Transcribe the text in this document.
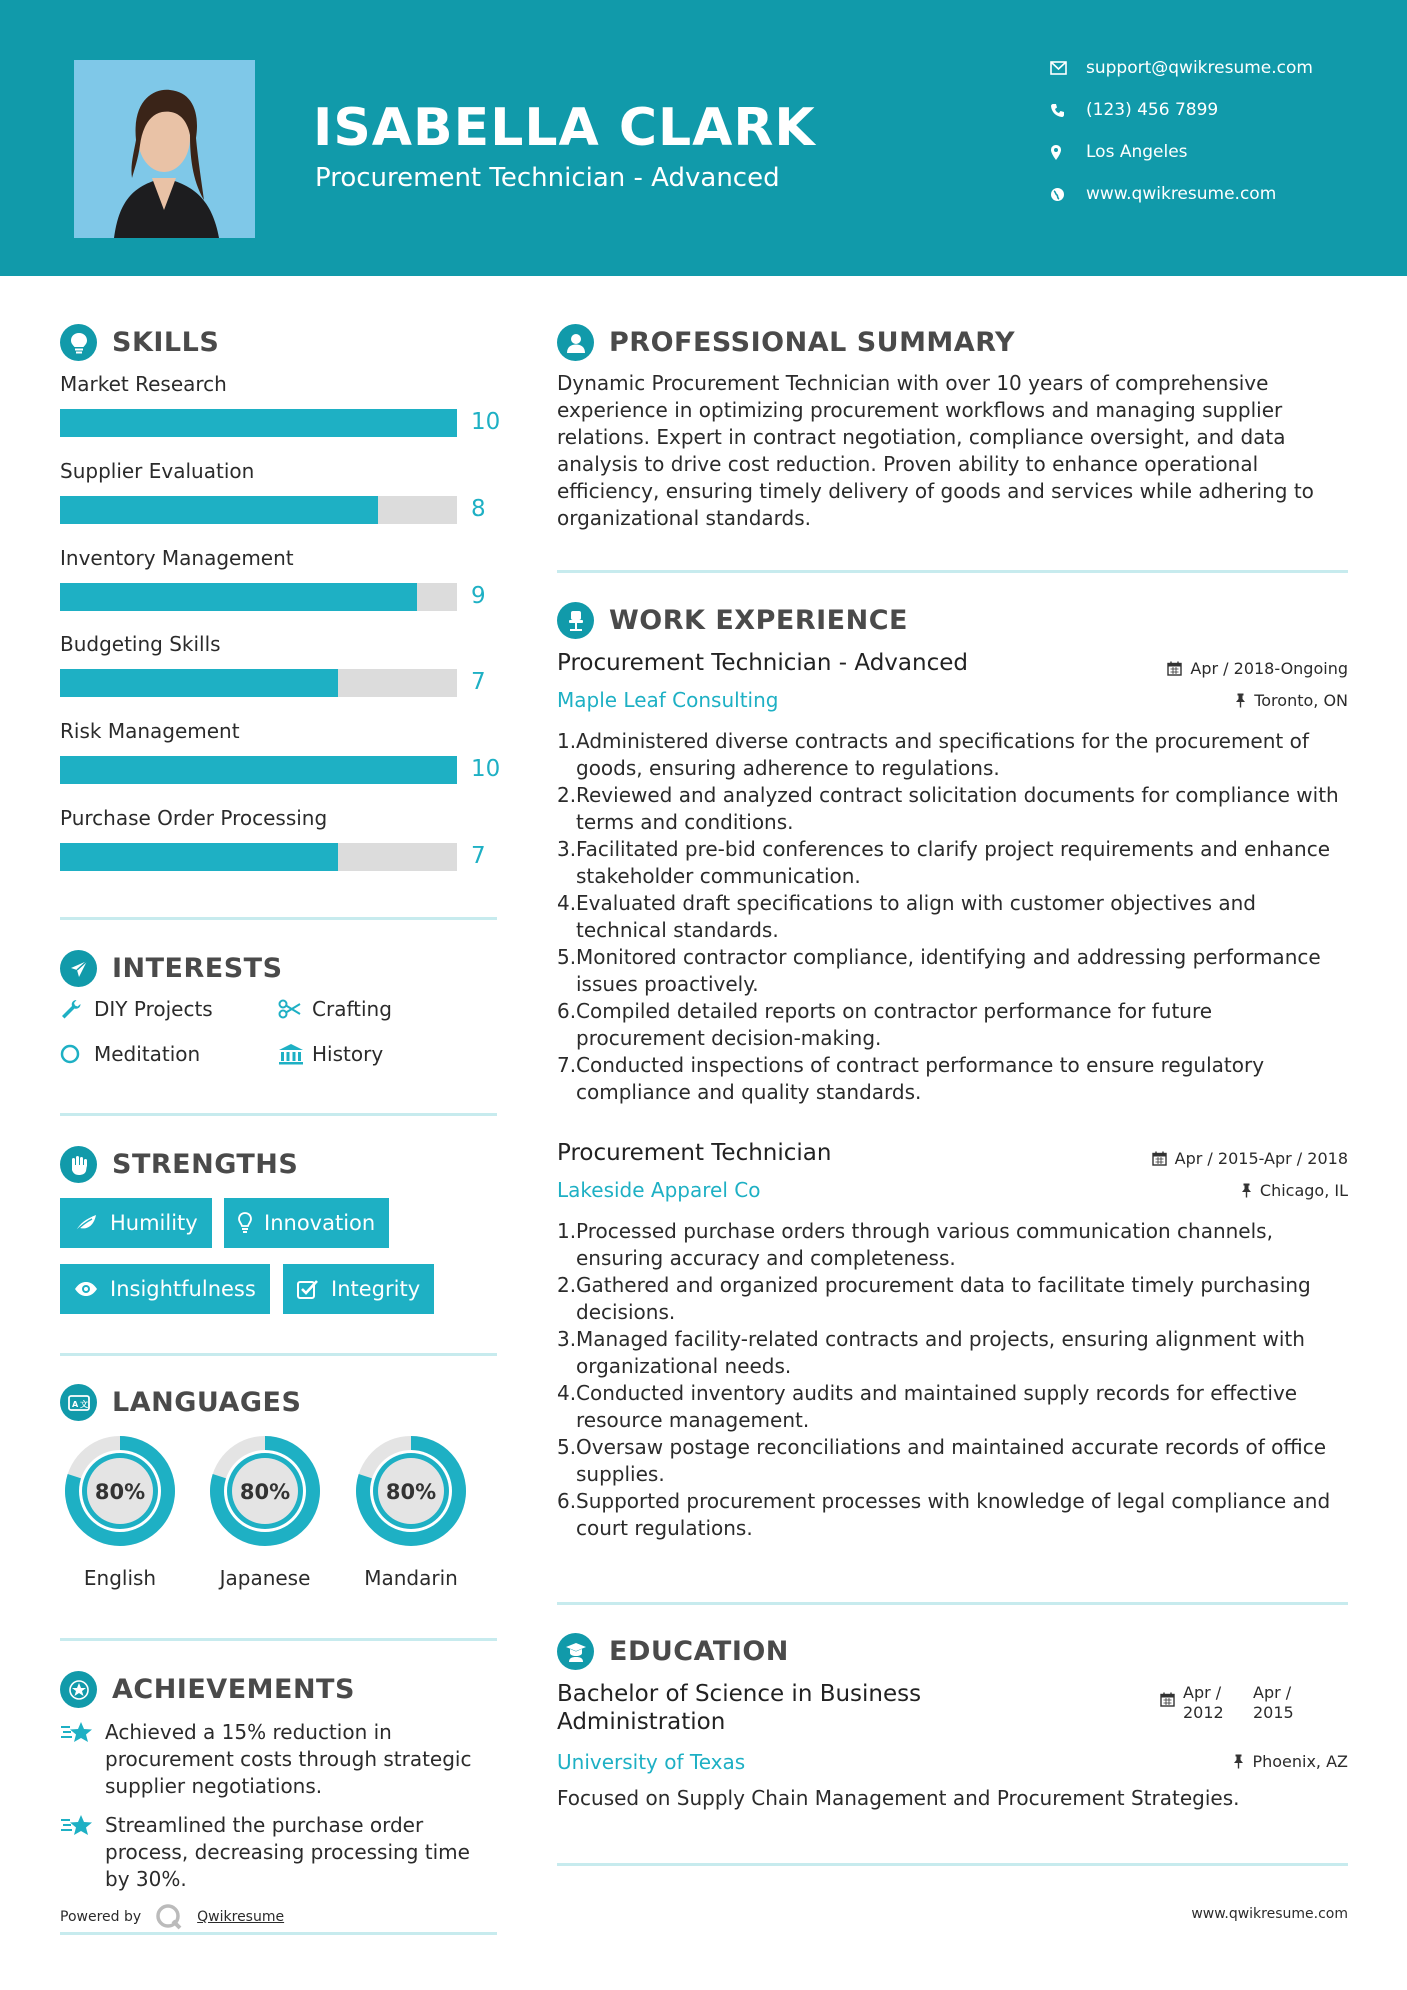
ISABELLA CLARK
Procurement Technician - Advanced
support@qwikresume.com
(123) 456 7899
Los Angeles
www.qwikresume.com
SKILLS
Market Research
10
Supplier Evaluation
8
Inventory Management
9
Budgeting Skills
7
Risk Management
10
Purchase Order Processing
7
INTERESTS
DIY Projects	Crafting
Meditation	History
STRENGTHS
Humility	Innovation
Insightfulness	Integrity
A 文 LANGUAGES
80%
English
80%
Japanese
80%
Mandarin
ACHIEVEMENTS
Achieved a 15% reduction in procurement costs through strategic supplier negotiations.
Streamlined the purchase order process, decreasing processing time by 30%.
PROFESSIONAL SUMMARY
Dynamic Procurement Technician with over 10 years of comprehensive experience in optimizing procurement workflows and managing supplier relations. Expert in contract negotiation, compliance oversight, and data analysis to drive cost reduction. Proven ability to enhance operational efficiency, ensuring timely delivery of goods and services while adhering to organizational standards.
WORK EXPERIENCE
Procurement Technician - Advanced	Apr / 2018-Ongoing
Maple Leaf Consulting	Toronto, ON
1. Administered diverse contracts and specifications for the procurement of goods, ensuring adherence to regulations.
2. Reviewed and analyzed contract solicitation documents for compliance with terms and conditions.
3. Facilitated pre-bid conferences to clarify project requirements and enhance stakeholder communication.
4. Evaluated draft specifications to align with customer objectives and technical standards.
5. Monitored contractor compliance, identifying and addressing performance issues proactively.
6. Compiled detailed reports on contractor performance for future procurement decision-making.
7. Conducted inspections of contract performance to ensure regulatory compliance and quality standards.
Procurement Technician	Apr / 2015-Apr / 2018
Lakeside Apparel Co	Chicago, IL
1. Processed purchase orders through various communication channels, ensuring accuracy and completeness.
2. Gathered and organized procurement data to facilitate timely purchasing decisions.
3. Managed facility-related contracts and projects, ensuring alignment with organizational needs.
4. Conducted inventory audits and maintained supply records for effective resource management.
5. Oversaw postage reconciliations and maintained accurate records of office supplies.
6. Supported procurement processes with knowledge of legal compliance and court regulations.
EDUCATION
Bachelor of Science in Business
Administration
Apr /
2012
Apr /
2015
University of Texas	Phoenix, AZ
Focused on Supply Chain Management and Procurement Strategies.
Powered by	Qwikresume	www.qwikresume.com
